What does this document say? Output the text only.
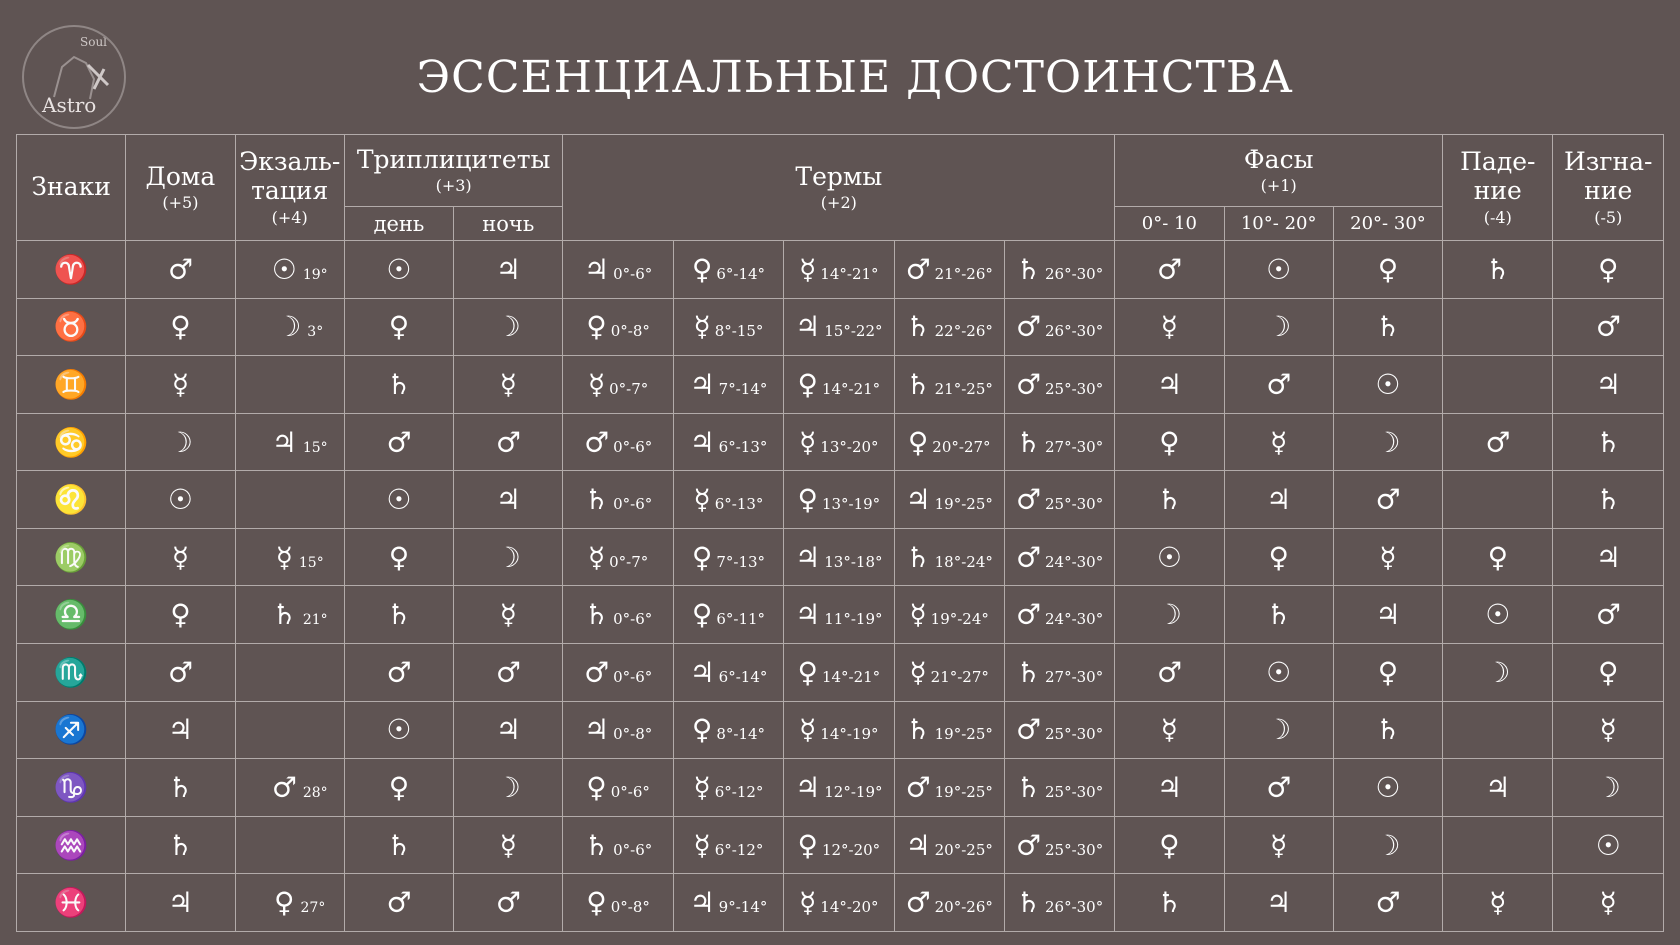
Soul
Astro
ЭССЕНЦИАЛЬНЫЕ ДОСТОИНСТВА
Знаки	Дома
(+5)	Экзаль-
тация
(+4)	Триплицитеты
(+3)		Термы
(+2)					Фасы
(+1)			Паде-
ние
(-4)	Изгна-
ние
(-5)

			день	ночь						0°- 10	10°- 20°	20°- 30°		
♈	♂	☉ 19°	☉	♃	♃ 0°-6°	♀ 6°-14°	☿ 14°-21°	♂ 21°-26°	♄ 26°-30°	♂	☉	♀	♄	♀
♉	♀	☽ 3°	♀	☽	♀ 0°-8°	☿ 8°-15°	♃ 15°-22°	♄ 22°-26°	♂ 26°-30°	☿	☽	♄		♂
♊	☿		♄	☿	☿ 0°-7°	♃ 7°-14°	♀ 14°-21°	♄ 21°-25°	♂ 25°-30°	♃	♂	☉		♃
♋	☽	♃ 15°	♂	♂	♂ 0°-6°	♃ 6°-13°	☿ 13°-20°	♀ 20°-27°	♄ 27°-30°	♀	☿	☽	♂	♄
♌	☉		☉	♃	♄ 0°-6°	☿ 6°-13°	♀ 13°-19°	♃ 19°-25°	♂ 25°-30°	♄	♃	♂		♄
♍	☿	☿ 15°	♀	☽	☿ 0°-7°	♀ 7°-13°	♃ 13°-18°	♄ 18°-24°	♂ 24°-30°	☉	♀	☿	♀	♃
♎	♀	♄ 21°	♄	☿	♄ 0°-6°	♀ 6°-11°	♃ 11°-19°	☿ 19°-24°	♂ 24°-30°	☽	♄	♃	☉	♂
♏	♂		♂	♂	♂ 0°-6°	♃ 6°-14°	♀ 14°-21°	☿ 21°-27°	♄ 27°-30°	♂	☉	♀	☽	♀
♐	♃		☉	♃	♃ 0°-8°	♀ 8°-14°	☿ 14°-19°	♄ 19°-25°	♂ 25°-30°	☿	☽	♄		☿
♑	♄	♂ 28°	♀	☽	♀ 0°-6°	☿ 6°-12°	♃ 12°-19°	♂ 19°-25°	♄ 25°-30°	♃	♂	☉	♃	☽
♒	♄		♄	☿	♄ 0°-6°	☿ 6°-12°	♀ 12°-20°	♃ 20°-25°	♂ 25°-30°	♀	☿	☽		☉
♓	♃	♀ 27°	♂	♂	♀ 0°-8°	♃ 9°-14°	☿ 14°-20°	♂ 20°-26°	♄ 26°-30°	♄	♃	♂	☿	☿
